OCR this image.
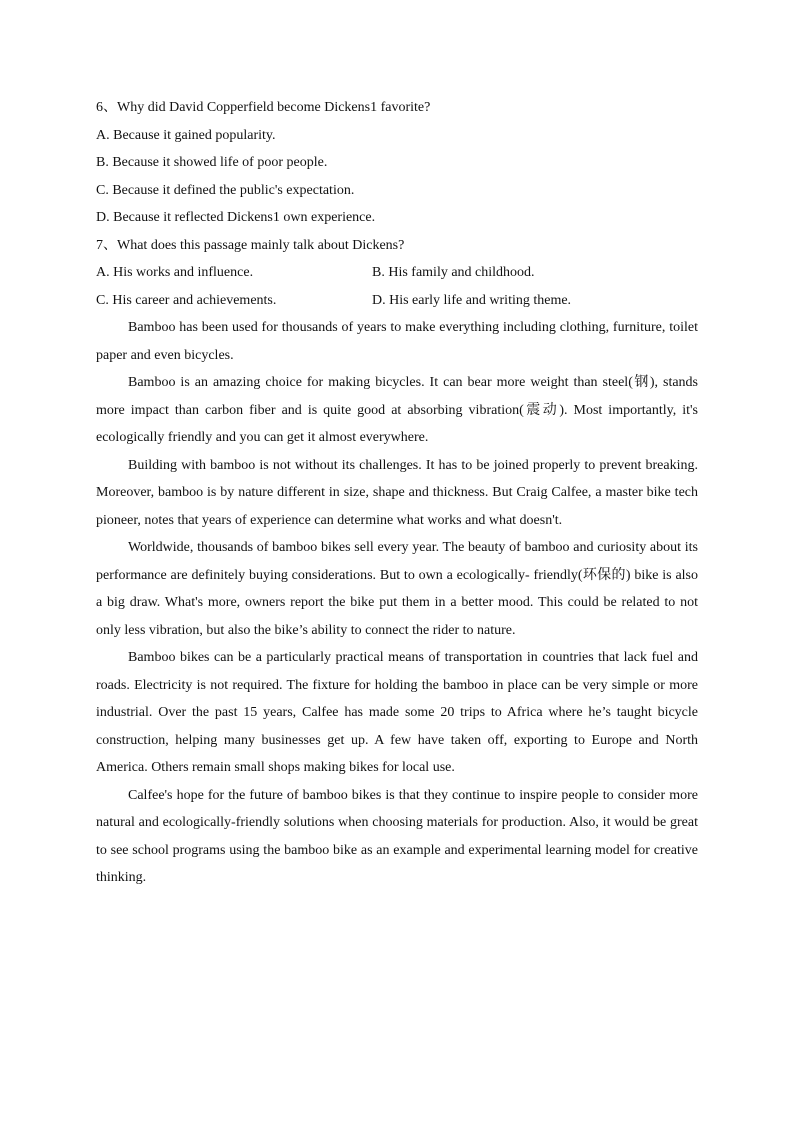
6、Why did David Copperfield become Dickens1 favorite?
A. Because it gained popularity.
B. Because it showed life of poor people.
C. Because it defined the public's expectation.
D. Because it reflected Dickens1 own experience.
7、What does this passage mainly talk about Dickens?
A. His works and influence.	B. His family and childhood.
C. His career and achievements.	D. His early life and writing theme.

Bamboo has been used for thousands of years to make everything including clothing, furniture, toilet paper and even bicycles.

Bamboo is an amazing choice for making bicycles. It can bear more weight than steel(钢), stands more impact than carbon fiber and is quite good at absorbing vibration(震动). Most importantly, it's ecologically friendly and you can get it almost everywhere.

Building with bamboo is not without its challenges. It has to be joined properly to prevent breaking. Moreover, bamboo is by nature different in size, shape and thickness. But Craig Calfee, a master bike tech pioneer, notes that years of experience can determine what works and what doesn't.

Worldwide, thousands of bamboo bikes sell every year. The beauty of bamboo and curiosity about its performance are definitely buying considerations. But to own a ecologically- friendly(环保的) bike is also a big draw. What's more, owners report the bike put them in a better mood. This could be related to not only less vibration, but also the bike’s ability to connect the rider to nature.

Bamboo bikes can be a particularly practical means of transportation in countries that lack fuel and roads. Electricity is not required. The fixture for holding the bamboo in place can be very simple or more industrial. Over the past 15 years, Calfee has made some 20 trips to Africa where he’s taught bicycle construction, helping many businesses get up. A few have taken off, exporting to Europe and North America. Others remain small shops making bikes for local use.

Calfee's hope for the future of bamboo bikes is that they continue to inspire people to consider more natural and ecologically-friendly solutions when choosing materials for production. Also, it would be great to see school programs using the bamboo bike as an example and experimental learning model for creative thinking.
